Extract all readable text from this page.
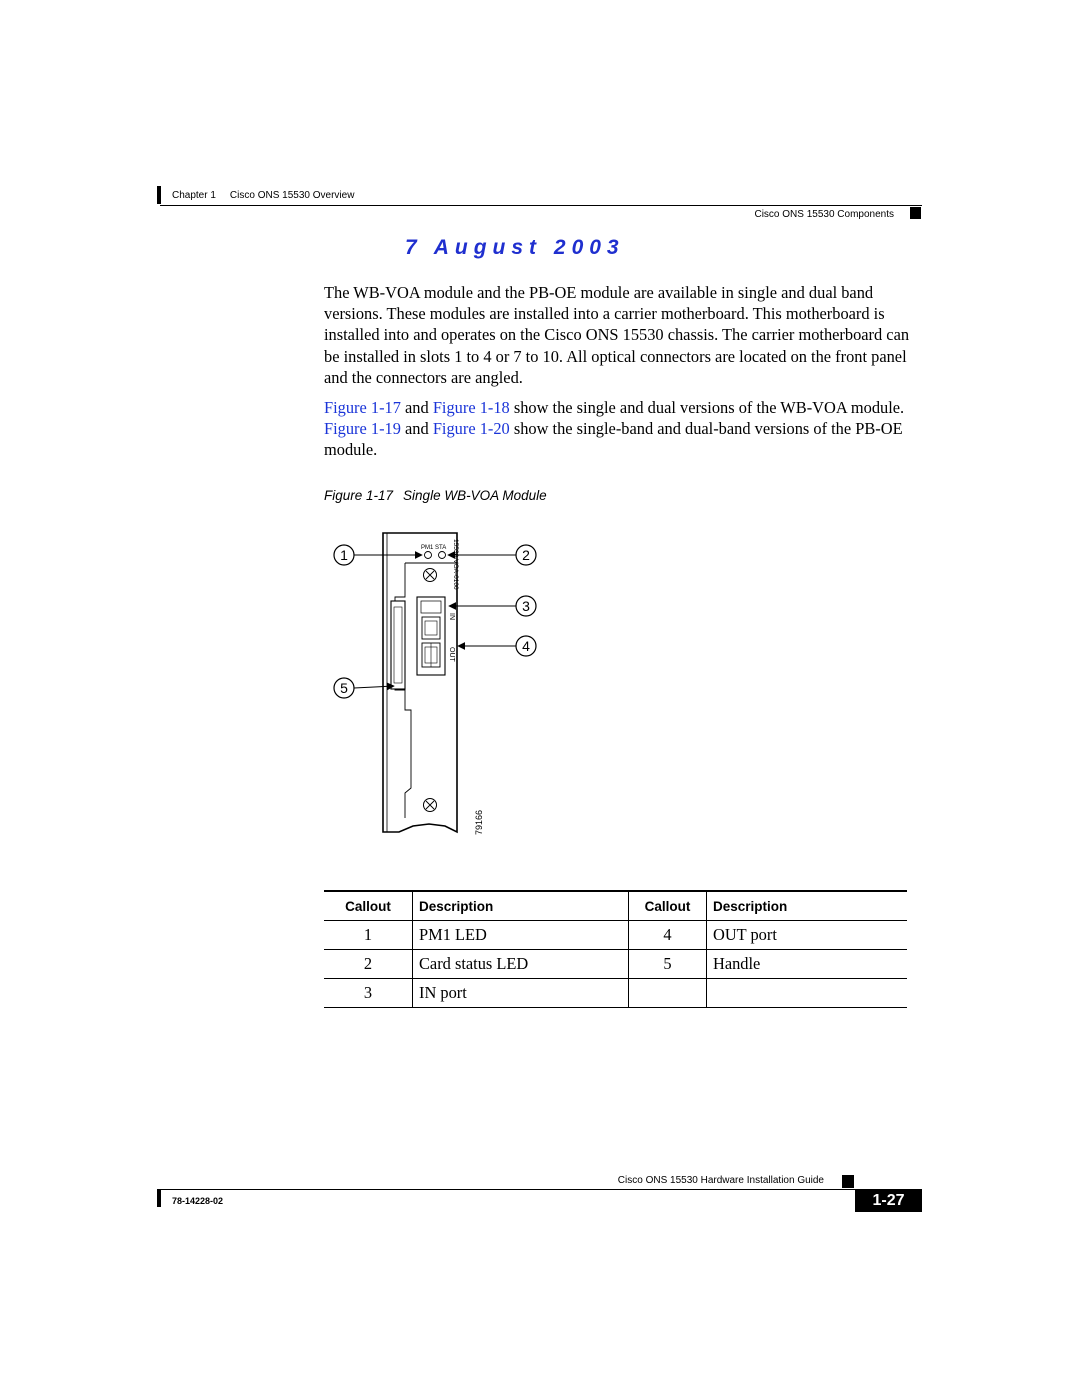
Chapter 1 Cisco ONS 15530 Overview
Cisco ONS 15530 Components
7 August 2003

The WB-VOA module and the PB-OE module are available in single and dual band versions. These modules are installed into a carrier motherboard. This motherboard is installed into and operates on the Cisco ONS 15530 chassis. The carrier motherboard can be installed in slots 1 to 4 or 7 to 10. All optical connectors are located on the front panel and the connectors are angled.

Figure 1-17 and Figure 1-18 show the single and dual versions of the WB-VOA module. Figure 1-19 and Figure 1-20 show the single-band and dual-band versions of the PB-OE module.

Figure 1-17 Single WB-VOA Module
PM1 STA 15530-VOA-0100
IN
OUT
79166
1	2
3
4
5
Callout	Description	Callout	Description
1	PM1 LED	4	OUT port
2	Card status LED	5	Handle
3	IN port		
Cisco ONS 15530 Hardware Installation Guide
78-14228-02	1-27
